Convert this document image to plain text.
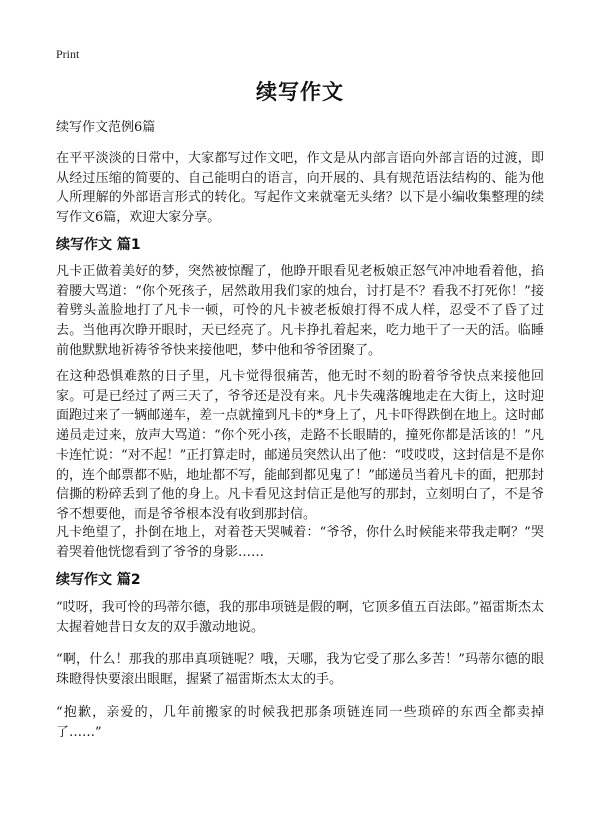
Print
续写作文
续写作文范例6篇
在平平淡淡的日常中，大家都写过作文吧，作文是从内部言语向外部言语的过渡，即从经过压缩的简要的、自己能明白的语言，向开展的、具有规范语法结构的、能为他人所理解的外部语言形式的转化。写起作文来就毫无头绪？以下是小编收集整理的续写作文6篇，欢迎大家分享。
续写作文 篇1
凡卡正做着美好的梦，突然被惊醒了，他睁开眼看见老板娘正怒气冲冲地看着他，掐着腰大骂道：“你个死孩子，居然敢用我们家的烛台，讨打是不？看我不打死你！”接着劈头盖脸地打了凡卡一顿，可怜的凡卡被老板娘打得不成人样，忍受不了昏了过去。当他再次睁开眼时，天已经亮了。凡卡挣扎着起来，吃力地干了一天的活。临睡前他默默地祈祷爷爷快来接他吧，梦中他和爷爷团聚了。
在这种恐惧难熬的日子里，凡卡觉得很痛苦，他无时不刻的盼着爷爷快点来接他回家。可是已经过了两三天了，爷爷还是没有来。凡卡失魂落魄地走在大街上，这时迎面跑过来了一辆邮递车，差一点就撞到凡卡的*身上了，凡卡吓得跌倒在地上。这时邮递员走过来，放声大骂道：“你个死小孩，走路不长眼睛的，撞死你都是活该的！”凡卡连忙说：“对不起！”正打算走时，邮递员突然认出了他：“哎哎哎，这封信是不是你的，连个邮票都不贴，地址都不写，能邮到都见鬼了！”邮递员当着凡卡的面，把那封信撕的粉碎丢到了他的身上。凡卡看见这封信正是他写的那封，立刻明白了，不是爷爷不想要他，而是爷爷根本没有收到那封信。
凡卡绝望了，扑倒在地上，对着苍天哭喊着：“爷爷，你什么时候能来带我走啊？”哭着哭着他恍惚看到了爷爷的身影……
续写作文 篇2
“哎呀，我可怜的玛蒂尔德，我的那串项链是假的啊，它顶多值五百法郎。”福雷斯杰太太握着她昔日女友的双手激动地说。
“啊，什么！那我的那串真项链呢？哦，天哪，我为它受了那么多苦！”玛蒂尔德的眼珠瞪得快要滚出眼眶，握紧了福雷斯杰太太的手。
“抱歉，亲爱的，几年前搬家的时候我把那条项链连同一些琐碎的东西全都卖掉了……”
